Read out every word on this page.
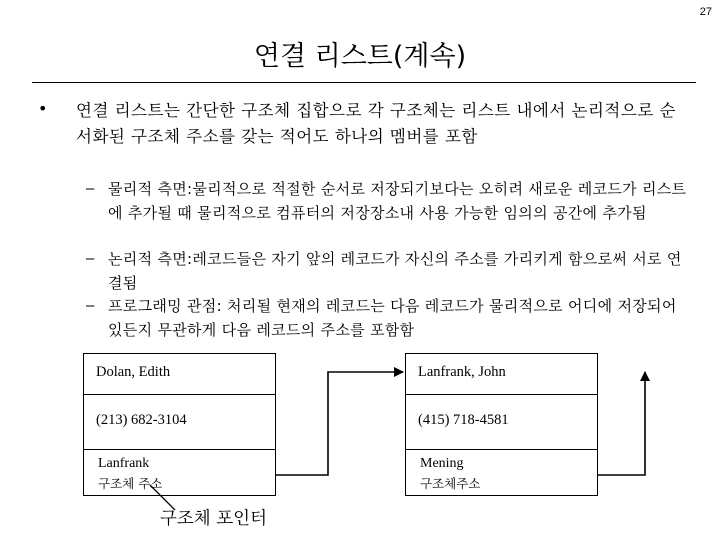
27
연결 리스트(계속)
• 연결 리스트는 간단한 구조체 집합으로 각 구조체는 리스트 내에서 논리적으로 순서화된 구조체 주소를 갖는 적어도 하나의 멤버를 포함
– 물리적 측면:물리적으로 적절한 순서로 저장되기보다는 오히려 새로운 레코드가 리스트에 추가될 때 물리적으로 컴퓨터의 저장장소내 사용 가능한 임의의 공간에 추가됨
– 논리적 측면:레코드들은 자기 앞의 레코드가 자신의 주소를 가리키게 함으로써 서로 연결됨
– 프로그래밍 관점: 처리될 현재의 레코드는 다음 레코드가 물리적으로 어디에 저장되어 있든지 무관하게 다음 레코드의 주소를 포함함
Dolan, Edith
(213) 682-3104
Lanfrank
구조체 주소
Lanfrank, John
(415) 718-4581
Mening
구조체주소
구조체 포인터
